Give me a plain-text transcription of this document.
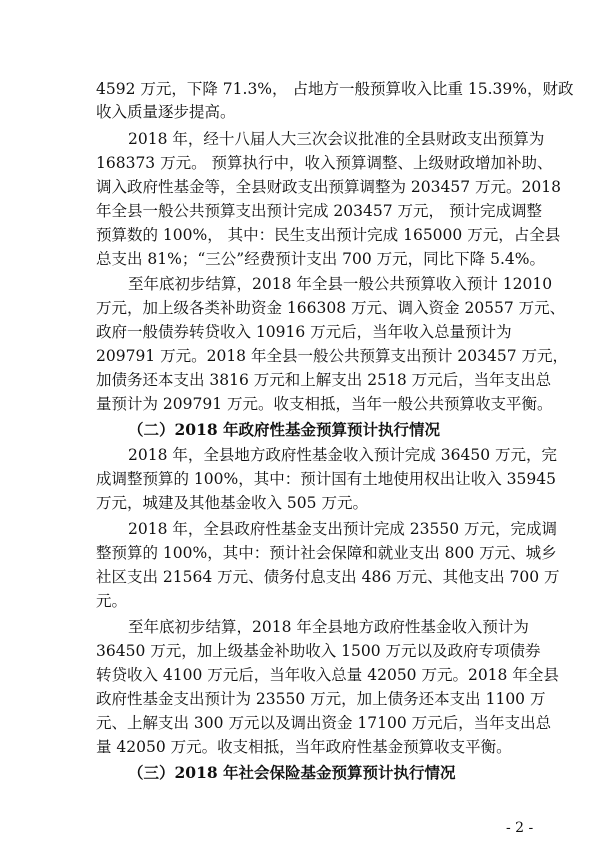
4592 万元，下降 71.3%， 占地方一般预算收入比重 15.39%，财政
收入质量逐步提高。
2018 年，经十八届人大三次会议批准的全县财政支出预算为
168373 万元。 预算执行中，收入预算调整、上级财政增加补助、
调入政府性基金等，全县财政支出预算调整为 203457 万元。2018
年全县一般公共预算支出预计完成 203457 万元， 预计完成调整
预算数的 100%， 其中：民生支出预计完成 165000 万元，占全县
总支出 81%；“三公”经费预计支出 700 万元，同比下降 5.4%。
至年底初步结算，2018 年全县一般公共预算收入预计 12010
万元，加上级各类补助资金 166308 万元、调入资金 20557 万元、
政府一般债券转贷收入 10916 万元后，当年收入总量预计为
209791 万元。2018 年全县一般公共预算支出预计 203457 万元，
加债务还本支出 3816 万元和上解支出 2518 万元后，当年支出总
量预计为 209791 万元。收支相抵，当年一般公共预算收支平衡。
（二）2018 年政府性基金预算预计执行情况
2018 年，全县地方政府性基金收入预计完成 36450 万元，完
成调整预算的 100%，其中：预计国有土地使用权出让收入 35945
万元，城建及其他基金收入 505 万元。
2018 年，全县政府性基金支出预计完成 23550 万元，完成调
整预算的 100%，其中：预计社会保障和就业支出 800 万元、城乡
社区支出 21564 万元、债务付息支出 486 万元、其他支出 700 万
元。
至年底初步结算，2018 年全县地方政府性基金收入预计为
36450 万元，加上级基金补助收入 1500 万元以及政府专项债券
转贷收入 4100 万元后，当年收入总量 42050 万元。2018 年全县
政府性基金支出预计为 23550 万元，加上债务还本支出 1100 万
元、上解支出 300 万元以及调出资金 17100 万元后，当年支出总
量 42050 万元。收支相抵，当年政府性基金预算收支平衡。
（三）2018 年社会保险基金预算预计执行情况
- 2 -
